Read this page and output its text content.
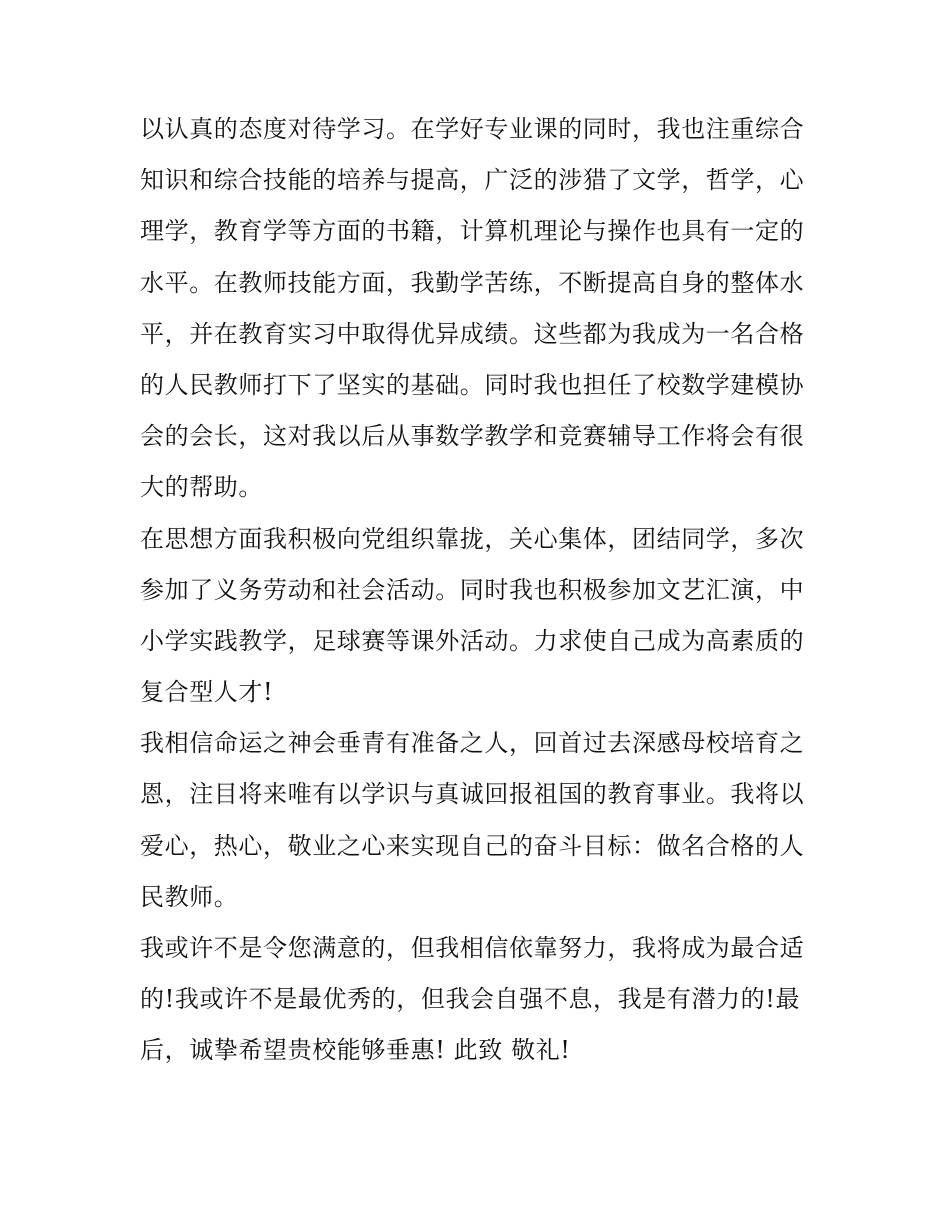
以认真的态度对待学习。在学好专业课的同时，我也注重综合
知识和综合技能的培养与提高，广泛的涉猎了文学，哲学，心
理学，教育学等方面的书籍，计算机理论与操作也具有一定的
水平。在教师技能方面，我勤学苦练，不断提高自身的整体水
平，并在教育实习中取得优异成绩。这些都为我成为一名合格
的人民教师打下了坚实的基础。同时我也担任了校数学建模协
会的会长，这对我以后从事数学教学和竞赛辅导工作将会有很
大的帮助。
在思想方面我积极向党组织靠拢，关心集体，团结同学，多次
参加了义务劳动和社会活动。同时我也积极参加文艺汇演，中
小学实践教学，足球赛等课外活动。力求使自己成为高素质的
复合型人才!
我相信命运之神会垂青有准备之人，回首过去深感母校培育之
恩，注目将来唯有以学识与真诚回报祖国的教育事业。我将以
爱心，热心，敬业之心来实现自己的奋斗目标：做名合格的人
民教师。
我或许不是令您满意的，但我相信依靠努力，我将成为最合适
的!我或许不是最优秀的，但我会自强不息，我是有潜力的!最
后，诚挚希望贵校能够垂惠! 此致 敬礼!
